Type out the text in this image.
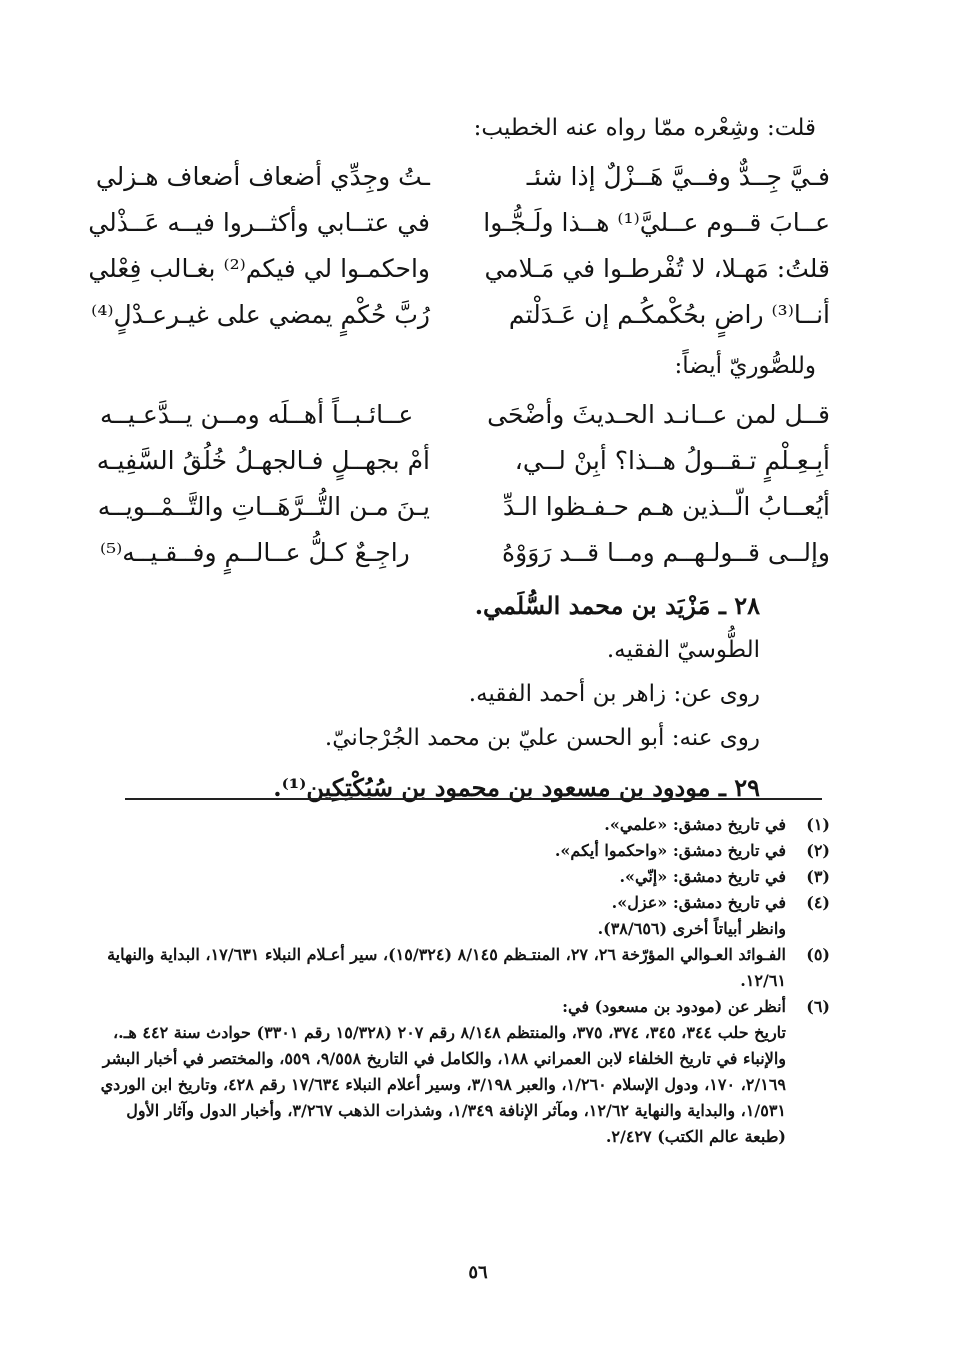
قلت: وشِعْره ممّا رواه عنه الخطيب:
فـيَّ جِــدٌّ وفــيَّ هَــزْلٌ إذا شئـ
ـتُ وجِدِّي أضعاف أضعاف هـزلي
عــابَ قــوم عــليَّ⁽¹⁾ هــذا ولَـجُّـوا
في عتــابي وأكثــروا فيــه عَــذْلي
قلتُ: مَهـلا، لا تُفْرطـوا في مَـلامي
واحكمـوا لي فيكم⁽²⁾ بغـالب فِعْلي
أنــا⁽³⁾ راضٍ بحُكْمكُـم إن عَـدَلْتم
رُبَّ حُكْمٍ يمضي على غيـرعـدْلٍ⁽⁴⁾
وللصُّوريّ أيضاً:
قــل لمن عــانـد الحـديثَ وأضْحَى
عــائـبــاً أهــلَه ومــن يــدَّعـيــه
أبِـعِـلْمٍ تـقــولُ هــذا؟ أبِنْ لــي،
أمْ بجهــلٍ فـالجهـلُ خُلُقُ السَّفِيـه
أيُعــابُ الّــذين هـم حـفـظوا الـدِّ
يـنَ مـن التُّــرَّهَــاتِ والتَّــمْــويــه
وإلــى قــولـهــم ومــا قــد رَوَوْهُ
راجِـعٌ كـلُّ عــالــمٍ وفــقـيــه⁽⁵⁾
٢٨ ـ مَزْيَد بن محمد السُّلَمي.
الطُّوسيّ الفقيه.
روى عن: زاهر بن أحمد الفقيه.
روى عنه: أبو الحسن عليّ بن محمد الجُرْجانيّ.
٢٩ ـ مودود بن مسعود بن محمود بن سُبُكْتِكِين⁽¹⁾.
(١)
في تاريخ دمشق: «علمي».
(٢)
في تاريخ دمشق: «واحكموا أيكم».
(٣)
في تاريخ دمشق: «إنّي».
(٤)
في تاريخ دمشق: «عزل».
وانظر أبياتاً أخرى (٣٨/٦٥٦).
(٥)
الفـوائد العـوالي المؤرّخة ٢٦، ٢٧، المنتـظم ٨/١٤٥ (١٥/٣٢٤)، سير أعـلام النبلاء ١٧/٦٣١، البداية والنهاية ١٢/٦١.
(٦)
أنظر عن (مودود بن مسعود) في:
تاريخ حلب ٣٤٤، ٣٤٥، ٣٧٤، ٣٧٥، والمنتظم ٨/١٤٨ رقم ٢٠٧ (١٥/٣٢٨ رقم ٣٣٠١) حوادث سنة ٤٤٢ هـ.، والإنباء في تاريخ الخلفاء لابن العمراني ١٨٨، والكامل في التاريخ ٩/٥٥٨، ٥٥٩، والمختصر في أخبار البشر ٢/١٦٩، ١٧٠، ودول الإسلام ١/٢٦٠، والعبر ٣/١٩٨، وسير أعلام النبلاء ١٧/٦٣٤ رقم ٤٢٨، وتاريخ ابن الوردي ١/٥٣١، والبداية والنهاية ١٢/٦٢، ومآثر الإنافة ١/٣٤٩، وشذرات الذهب ٣/٢٦٧، وأخبار الدول وآثار الأول (طبعة عالم الكتب) ٢/٤٢٧.
٥٦
